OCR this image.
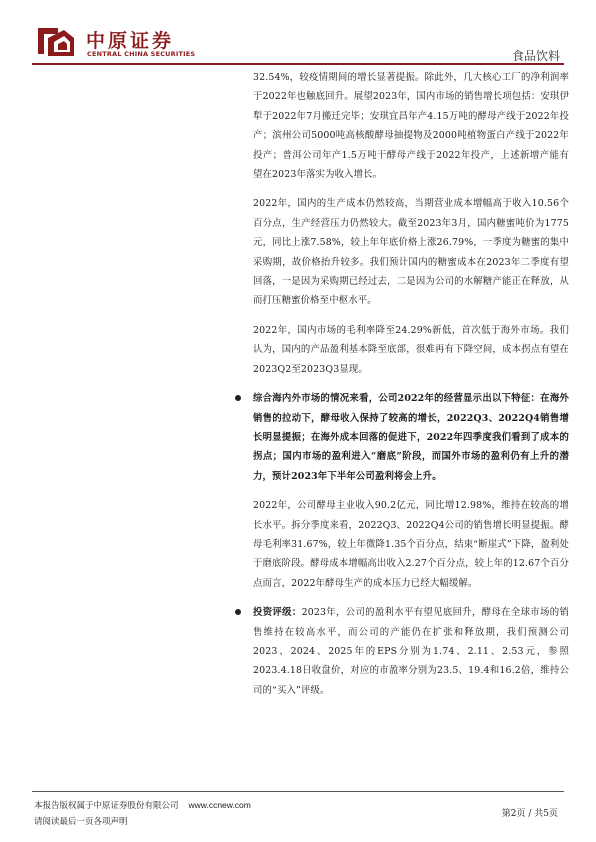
中原证券
CENTRAL CHINA SECURITIES	食品饮料

32.54%，较疫情期间的增长显著提振。除此外，几大核心工厂的净利润率于2022年也触底回升。展望2023年，国内市场的销售增长项包括：安琪伊犁于2022年7月搬迁完毕；安琪宜昌年产4.15万吨的酵母产线于2022年投产；滨州公司5000吨高核酸酵母抽提物及2000吨植物蛋白产线于2022年投产；普洱公司年产1.5万吨干酵母产线于2022年投产，上述新增产能有望在2023年落实为收入增长。

2022年，国内的生产成本仍然较高，当期营业成本增幅高于收入10.56个百分点，生产经营压力仍然较大。截至2023年3月，国内糖蜜吨价为1775元，同比上涨7.58%，较上年年底价格上涨26.79%，一季度为糖蜜的集中采购期，故价格抬升较多。我们预计国内的糖蜜成本在2023年二季度有望回落，一是因为采购期已经过去，二是因为公司的水解糖产能正在释放，从而打压糖蜜价格至中枢水平。

2022年，国内市场的毛利率降至24.29%新低，首次低于海外市场。我们认为，国内的产品盈利基本降至底部，很难再有下降空间，成本拐点有望在2023Q2至2023Q3显现。

综合海内外市场的情况来看，公司2022年的经营显示出以下特征：在海外销售的拉动下，酵母收入保持了较高的增长，2022Q3、2022Q4销售增长明显提振；在海外成本回落的促进下，2022年四季度我们看到了成本的拐点；国内市场的盈利进入“磨底”阶段，而国外市场的盈利仍有上升的潜力，预计2023年下半年公司盈利将会上升。

2022年，公司酵母主业收入90.2亿元，同比增12.98%，维持在较高的增长水平。拆分季度来看，2022Q3、2022Q4公司的销售增长明显提振。酵母毛利率31.67%，较上年微降1.35个百分点，结束“断崖式”下降，盈利处于磨底阶段。酵母成本增幅高出收入2.27个百分点，较上年的12.67个百分点而言，2022年酵母生产的成本压力已经大幅缓解。

投资评级：2023年，公司的盈利水平有望见底回升，酵母在全球市场的销售维持在较高水平，而公司的产能仍在扩张和释放期，我们预测公司2023、2024、2025年的EPS分别为1.74、2.11、2.53元，参照2023.4.18日收盘价，对应的市盈率分别为23.5、19.4和16.2倍，维持公司的“买入”评级。

本报告版权属于中原证券股份有限公司 www.ccnew.com
请阅读最后一页各项声明
第2页 / 共5页
